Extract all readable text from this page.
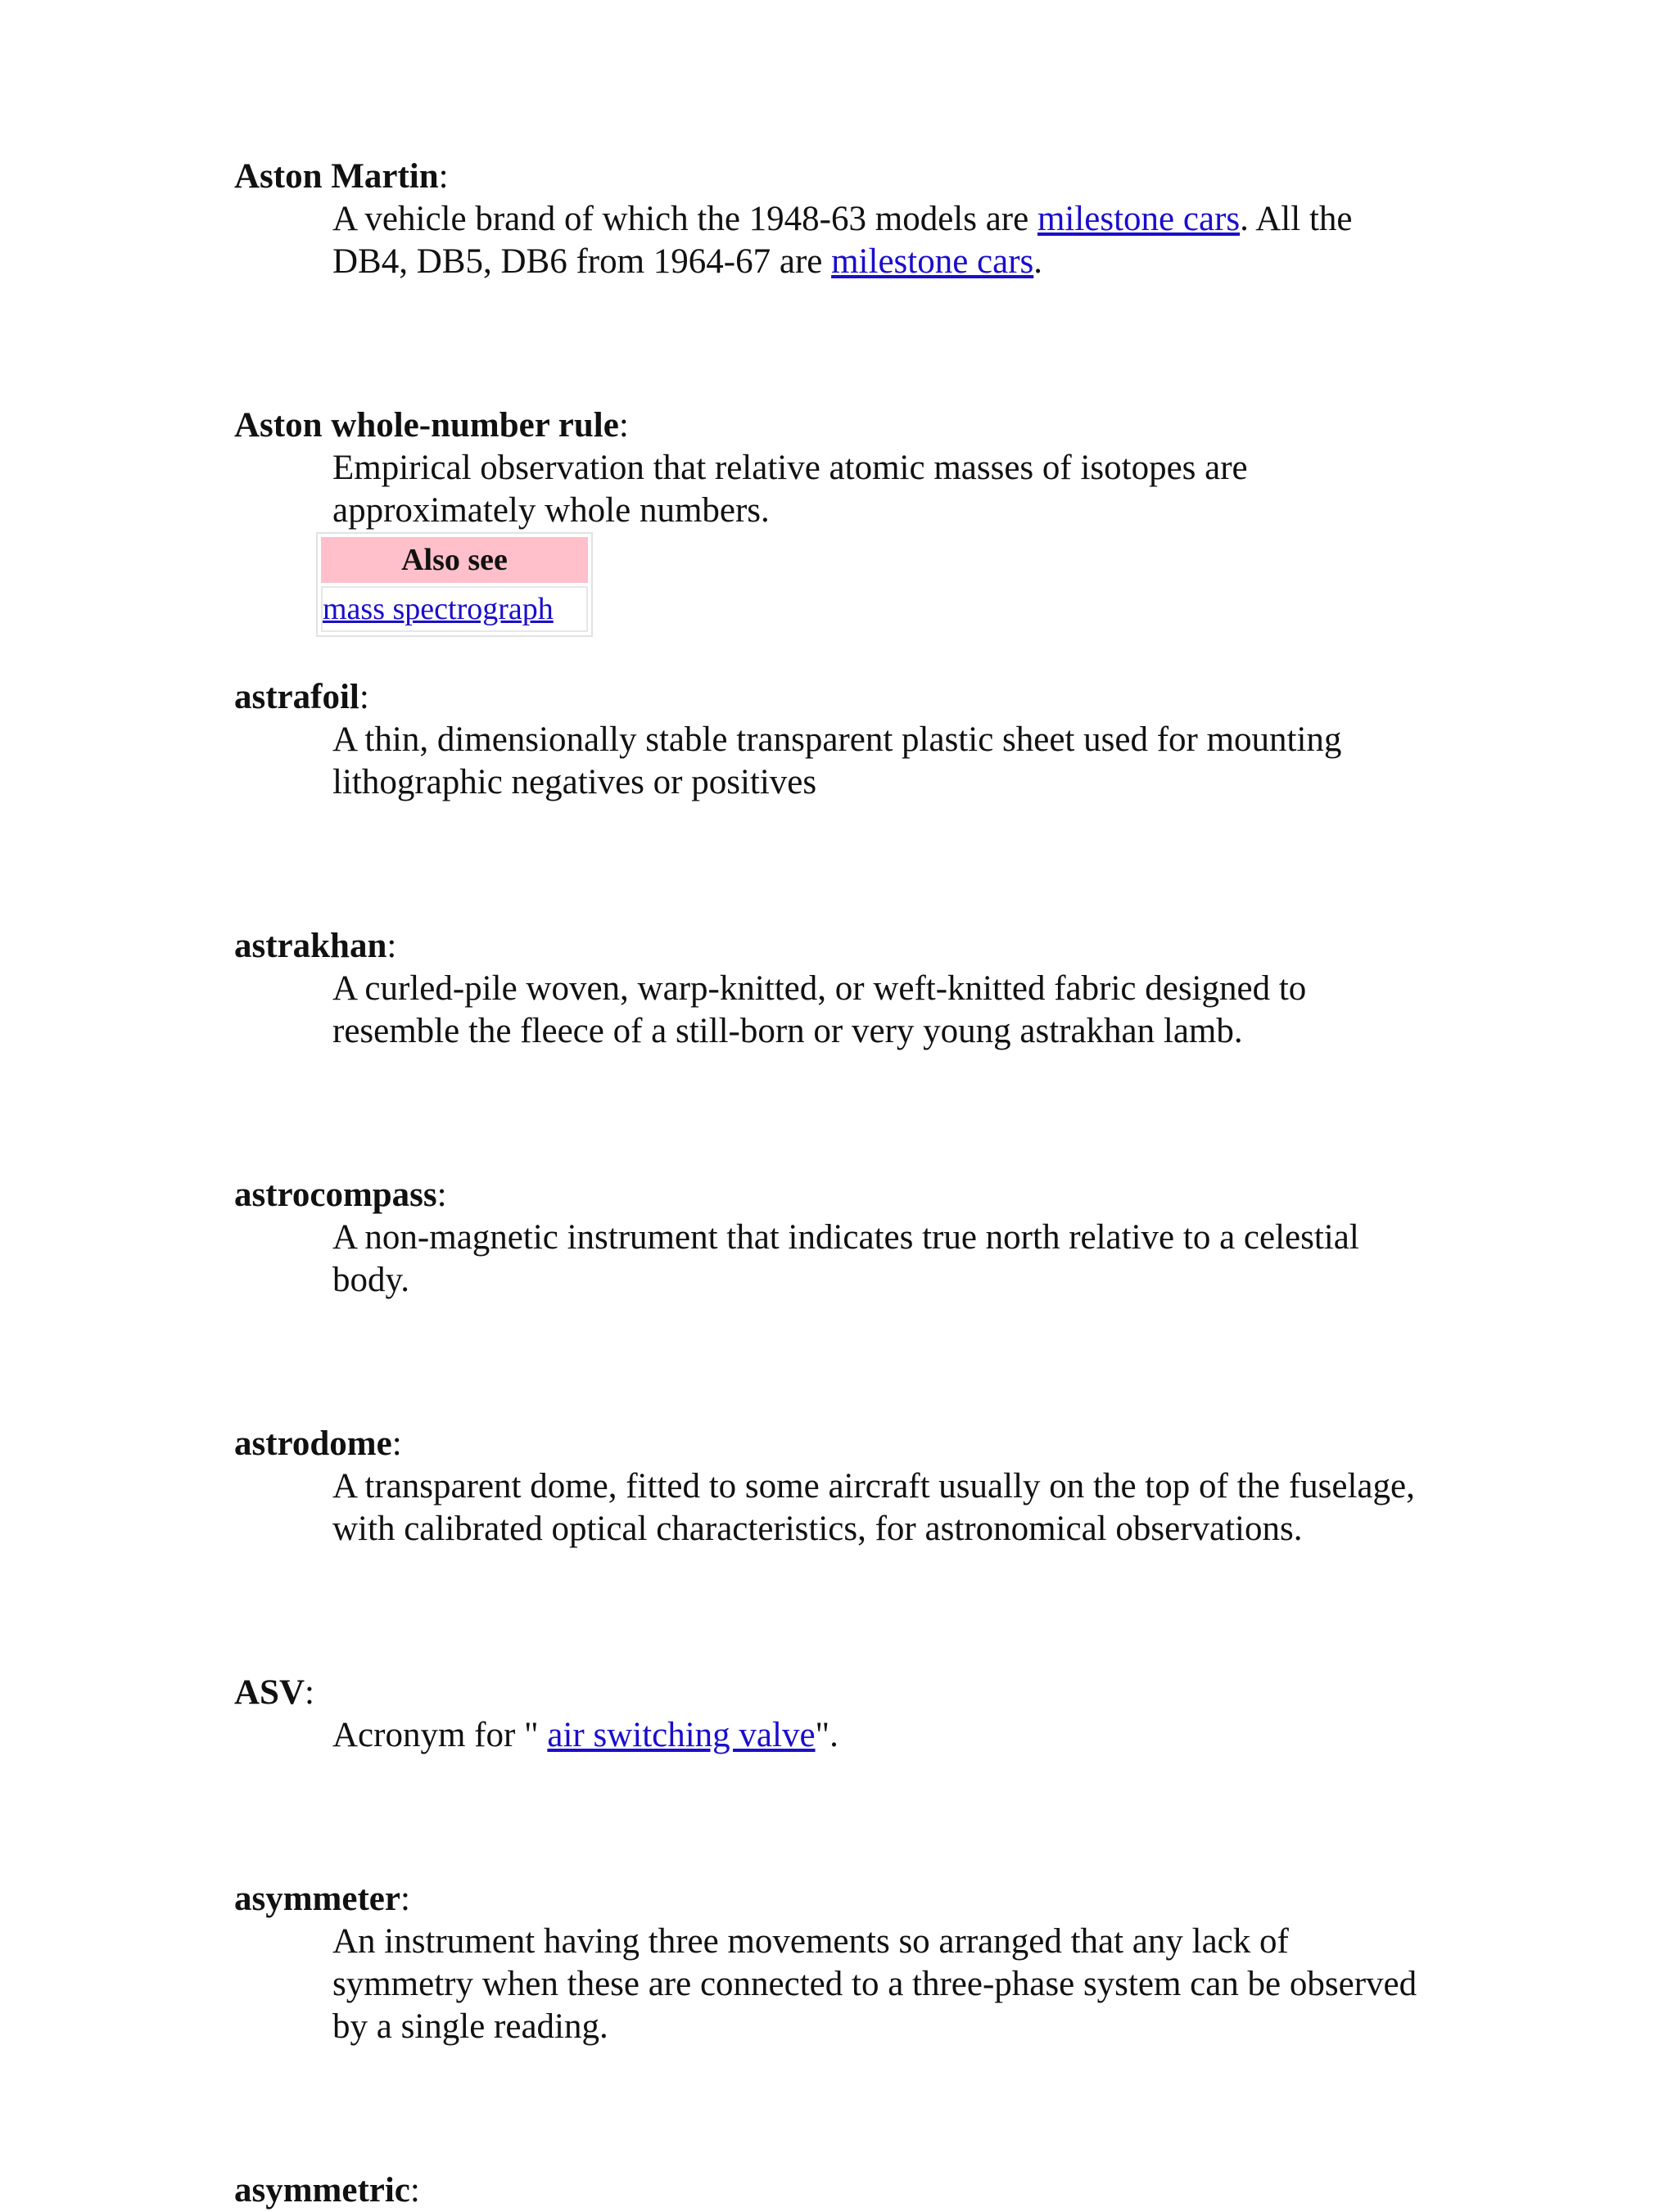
Aston Martin:

A vehicle brand of which the 1948-63 models are milestone cars. All the DB4, DB5, DB6 from 1964-67 are milestone cars.

Aston whole-number rule:

Empirical observation that relative atomic masses of isotopes are approximately whole numbers.

Also see
mass spectrograph

astrafoil:

A thin, dimensionally stable transparent plastic sheet used for mounting lithographic negatives or positives

astrakhan:

A curled-pile woven, warp-knitted, or weft-knitted fabric designed to resemble the fleece of a still-born or very young astrakhan lamb.

astrocompass:

A non-magnetic instrument that indicates true north relative to a celestial body.

astrodome:

A transparent dome, fitted to some aircraft usually on the top of the fuselage, with calibrated optical characteristics, for astronomical observations.

ASV:

Acronym for " air switching valve".

asymmeter:

An instrument having three movements so arranged that any lack of symmetry when these are connected to a three-phase system can be observed by a single reading.

asymmetric:
